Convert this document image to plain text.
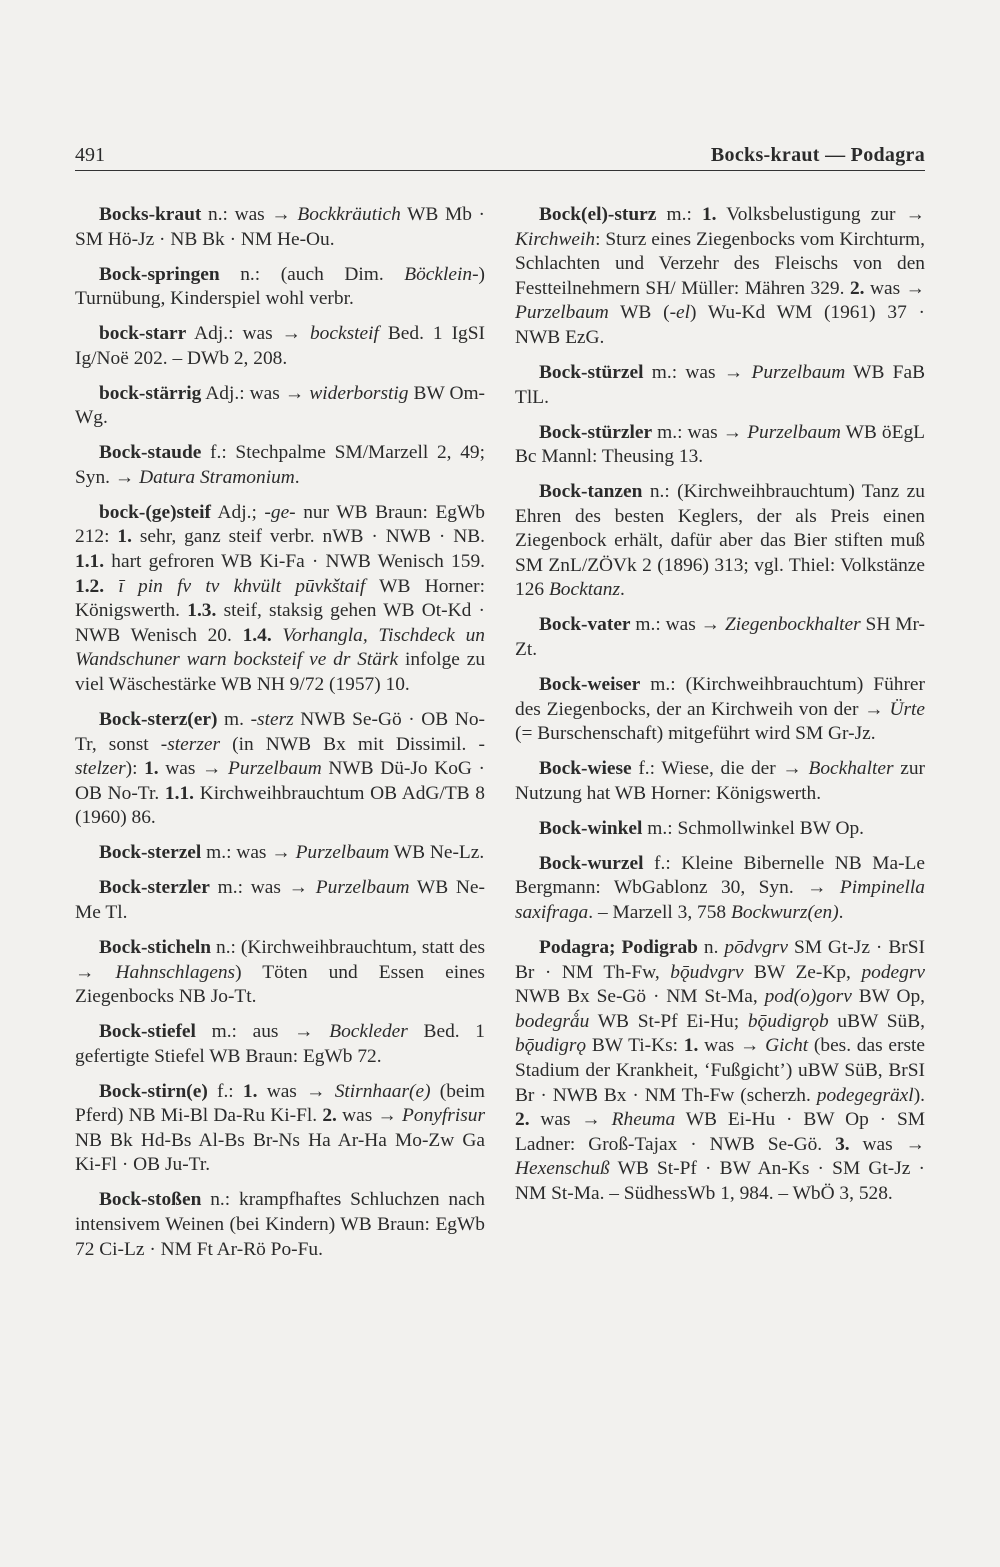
491	Bocks-kraut — Podagra

Bocks-kraut n.: was → Bockkräutich WB Mb · SM Hö-Jz · NB Bk · NM He-Ou.

Bock-springen n.: (auch Dim. Böcklein-) Turnübung, Kinderspiel wohl verbr.

bock-starr Adj.: was → bocksteif Bed. 1 IgSI Ig/Noë 202. – DWb 2, 208.

bock-stärrig Adj.: was → widerborstig BW Om-Wg.

Bock-staude f.: Stechpalme SM/Marzell 2, 49; Syn. → Datura Stramonium.

bock-(ge)steif Adj.; -ge- nur WB Braun: EgWb 212: 1. sehr, ganz steif verbr. nWB · NWB · NB. 1.1. hart gefroren WB Ki-Fa · NWB Wenisch 159. 1.2. ī pin fv tv khvült pūvkštaif WB Horner: Königswerth. 1.3. steif, staksig gehen WB Ot-Kd · NWB Wenisch 20. 1.4. Vorhangla, Tischdeck un Wandschuner warn bocksteif ve dr Stärk infolge zu viel Wäschestärke WB NH 9/72 (1957) 10.

Bock-sterz(er) m. -sterz NWB Se-Gö · OB No-Tr, sonst -sterzer (in NWB Bx mit Dissimil. -stelzer): 1. was → Purzelbaum NWB Dü-Jo KoG · OB No-Tr. 1.1. Kirchweihbrauchtum OB AdG/TB 8 (1960) 86.

Bock-sterzel m.: was → Purzelbaum WB Ne-Lz.

Bock-sterzler m.: was → Purzelbaum WB Ne-Me Tl.

Bock-sticheln n.: (Kirchweihbrauchtum, statt des → Hahnschlagens) Töten und Essen eines Ziegenbocks NB Jo-Tt.

Bock-stiefel m.: aus → Bockleder Bed. 1 gefertigte Stiefel WB Braun: EgWb 72.

Bock-stirn(e) f.: 1. was → Stirnhaar(e) (beim Pferd) NB Mi-Bl Da-Ru Ki-Fl. 2. was → Ponyfrisur NB Bk Hd-Bs Al-Bs Br-Ns Ha Ar-Ha Mo-Zw Ga Ki-Fl · OB Ju-Tr.

Bock-stoßen n.: krampfhaftes Schluchzen nach intensivem Weinen (bei Kindern) WB Braun: EgWb 72 Ci-Lz · NM Ft Ar-Rö Po-Fu.

Bock(el)-sturz m.: 1. Volksbelustigung zur → Kirchweih: Sturz eines Ziegenbocks vom Kirchturm, Schlachten und Verzehr des Fleischs von den Festteilnehmern SH/ Müller: Mähren 329. 2. was → Purzelbaum WB (-el) Wu-Kd WM (1961) 37 · NWB EzG.

Bock-stürzel m.: was → Purzelbaum WB FaB TlL.

Bock-stürzler m.: was → Purzelbaum WB öEgL Bc Mannl: Theusing 13.

Bock-tanzen n.: (Kirchweihbrauchtum) Tanz zu Ehren des besten Keglers, der als Preis einen Ziegenbock erhält, dafür aber das Bier stiften muß SM ZnL/ZÖVk 2 (1896) 313; vgl. Thiel: Volkstänze 126 Bocktanz.

Bock-vater m.: was → Ziegenbockhalter SH Mr-Zt.

Bock-weiser m.: (Kirchweihbrauchtum) Führer des Ziegenbocks, der an Kirchweih von der → Ürte (= Burschenschaft) mitgeführt wird SM Gr-Jz.

Bock-wiese f.: Wiese, die der → Bockhalter zur Nutzung hat WB Horner: Königswerth.

Bock-winkel m.: Schmollwinkel BW Op.

Bock-wurzel f.: Kleine Bibernelle NB Ma-Le Bergmann: WbGablonz 30, Syn. → Pimpinella saxifraga. – Marzell 3, 758 Bockwurz(en).

Podagra; Podigrab n. pōdvgrv SM Gt-Jz · BrSI Br · NM Th-Fw, bǭudvgrv BW Ze-Kp, podegrv NWB Bx Se-Gö · NM St-Ma, pod(o)gorv BW Op, bodegrǻu WB St-Pf Ei-Hu; bǭudigrǫb uBW SüB, bǭudigrǫ BW Ti-Ks: 1. was → Gicht (bes. das erste Stadium der Krankheit, ‘Fußgicht’) uBW SüB, BrSI Br · NWB Bx · NM Th-Fw (scherzh. podegegräxl). 2. was → Rheuma WB Ei-Hu · BW Op · SM Ladner: Groß-Tajax · NWB Se-Gö. 3. was → Hexenschuß WB St-Pf · BW An-Ks · SM Gt-Jz · NM St-Ma. – SüdhessWb 1, 984. – WbÖ 3, 528.
